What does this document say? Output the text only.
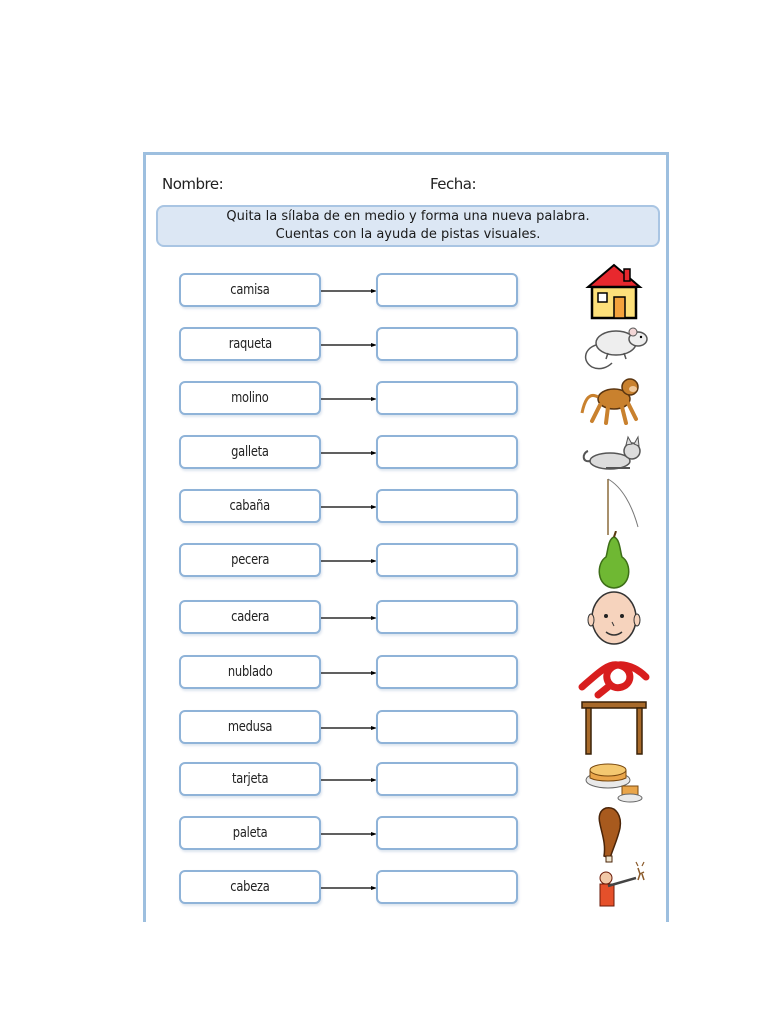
Nombre:	Fecha:
Quita la sílaba de en medio y forma una nueva palabra.
Cuentas con la ayuda de pistas visuales.
camisa
raqueta
molino
galleta
cabaña
pecera
cadera
nublado
medusa
tarjeta
paleta
cabeza
